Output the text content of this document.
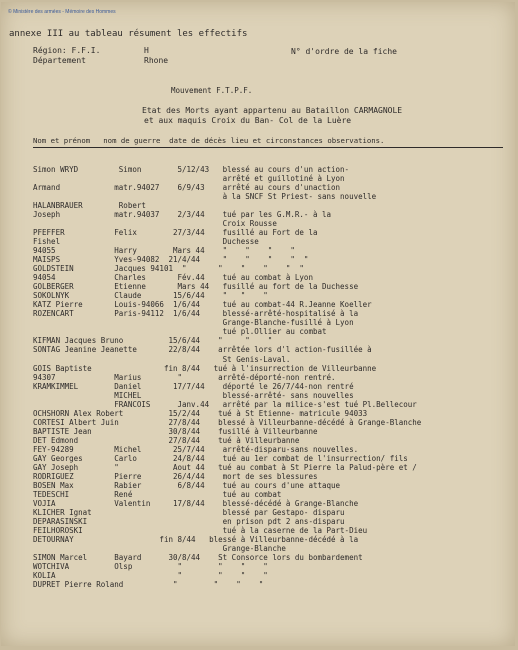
© Ministère des armées - Mémoire des Hommes
annexe III au tableau résument les effectifs
Région: F.F.I.	H	N° d'ordre de la fiche
Département	Rhone
Mouvement F.T.P.F.
Etat des Morts ayant appartenu au Bataillon CARMAGNOLE
et aux maquis Croix du Ban- Col de la Luère
Nom et prénom   nom de guerre  date de décès lieu et circonstances observations.
Simon WRYD         Simon        5/12/43   blessé au cours d'un action-
arrêté et guillotiné à Lyon
Armand            matr.94027    6/9/43    arrêté au cours d'unaction
à la SNCF St Priest- sans nouvelle
HALANBRAUER        Robert
Joseph            matr.94037    2/3/44    tué par les G.M.R.- à la
Croix Rousse
PFEFFER           Felix        27/3/44    fusillé au Fort de la
Fishel                                    Duchesse
94055             Harry        Mars 44    "    "    "    "
MAISPS            Yves-94082  21/4/44     "    "    "    "  "
GOLDSTEIN         Jacques 94101  "       "    "    "    "  "
94054             Charles       Fév.44    tué au combat à Lyon
GOLBERGER         Etienne       Mars 44   fusillé au fort de la Duchesse
SOKOLNYK          Claude       15/6/44    "   "    "
KATZ Pierre       Louis-94066  1/6/44     tué au combat-44 R.Jeanne Koeller
ROZENCART         Paris-94112  1/6/44     blessé-arrêté-hospitalisé à la
Grange-Blanche-fusillé à Lyon
tué pl.Ollier au combat
KIFMAN Jacques Bruno          15/6/44    "     "    "
SONTAG Jeanine Jeanette       22/8/44    arrêtée lors d'l action-fusillée à
St Genis-Laval.
GOIS Baptiste                fin 8/44   tué à l'insurrection de Villeurbanne
94307             Marius        "        arrêté-déporté-non rentré.
KRAMKIMMEL        Daniel       17/7/44    déporté le 26/7/44-non rentré
MICHEL                  blessé-arrêté- sans nouvelles
FRANCOIS      Janv.44   arrêté par la milice-s'est tué Pl.Bellecour
OCHSHORN Alex Robert          15/2/44    tué à St Etienne- matricule 94033
CORTESI Albert Juin           27/8/44    blessé à Villeurbanne-décédé à Grange-Blanche
BAPTISTE Jean                 30/8/44    fusillé à Villeurbanne
DET Edmond                    27/8/44    tué à Villeurbanne
FEY-94289         Michel       25/7/44    arrêté-disparu-sans nouvelles.
GAY Georges       Carlo        24/8/44    tué au 1er combat de l'insurrection/ fils
GAY Joseph        "            Aout 44   tué au combat à St Pierre la Palud-père et /
RODRIGUEZ         Pierre       26/4/44    mort de ses blessures
BOSEN Max         Rabier        6/8/44    tué au cours d'une attaque
TEDESCHI          René                    tué au combat
VOJIA             Valentin     17/8/44    blessé-décédé à Grange-Blanche
KLICHER Ignat                             blessé par Gestapo- disparu
DEPARASINSKI                              en prison pdt 2 ans-disparu
FEILHOROSKI                               tué à la caserne de la Part-Dieu
DETOURNAY                   fin 8/44   blessé à Villeurbanne-décédé à la
Grange-Blanche
SIMON Marcel      Bayard      30/8/44    St Consorce lors du bombardement
WOTCHIVA          Olsp          "        "    "    "
KOLIA                           "        "    "    "
DUPRET Pierre Roland           "        "    "    "
